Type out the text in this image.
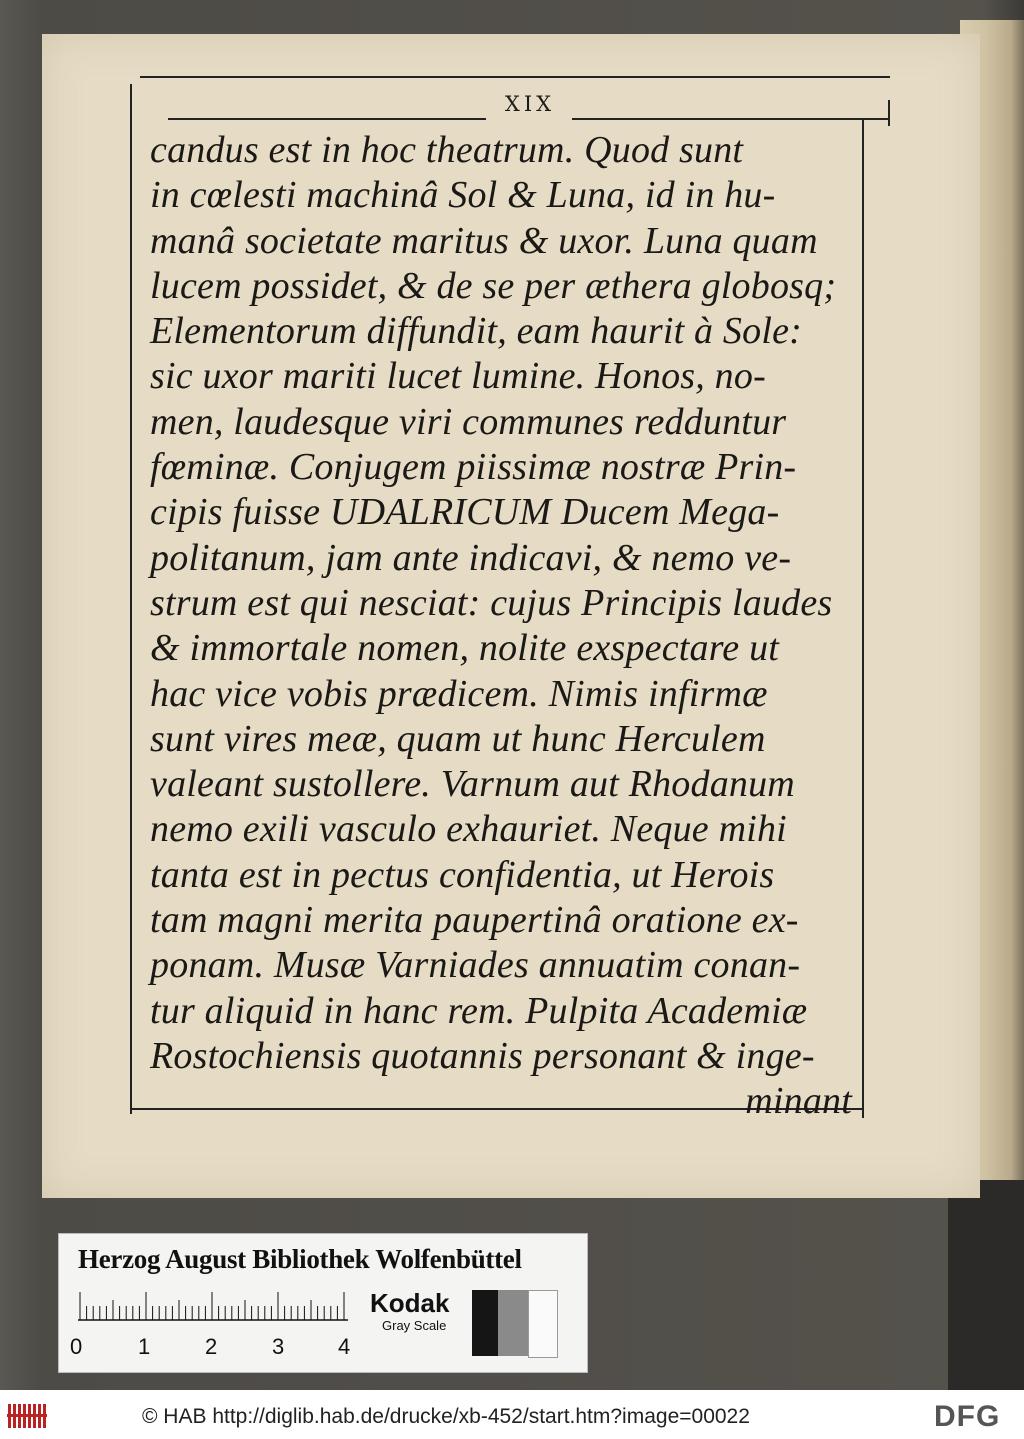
XIX
candus est in hoc theatrum. Quod sunt
in cœlesti machinâ Sol & Luna, id in hu-
manâ societate maritus & uxor. Luna quam
lucem possidet, & de se per æthera globosq;
Elementorum diffundit, eam haurit à Sole:
sic uxor mariti lucet lumine. Honos, no-
men, laudesque viri communes redduntur
fœminæ. Conjugem piissimæ nostræ Prin-
cipis fuisse UDALRICUM Ducem Mega-
politanum, jam ante indicavi, & nemo ve-
strum est qui nesciat: cujus Principis laudes
& immortale nomen, nolite exspectare ut
hac vice vobis prædicem. Nimis infirmæ
sunt vires meæ, quam ut hunc Herculem
valeant sustollere. Varnum aut Rhodanum
nemo exili vasculo exhauriet. Neque mihi
tanta est in pectus confidentia, ut Herois
tam magni merita paupertinâ oratione ex-
ponam. Musæ Varniades annuatim conan-
tur aliquid in hanc rem. Pulpita Academiæ
Rostochiensis quotannis personant & inge-
minant
Herzog August Bibliothek Wolfenbüttel
0	1 2 3 4
Kodak
Gray Scale
© HAB http://diglib.hab.de/drucke/xb-452/start.htm?image=00022	DFG
